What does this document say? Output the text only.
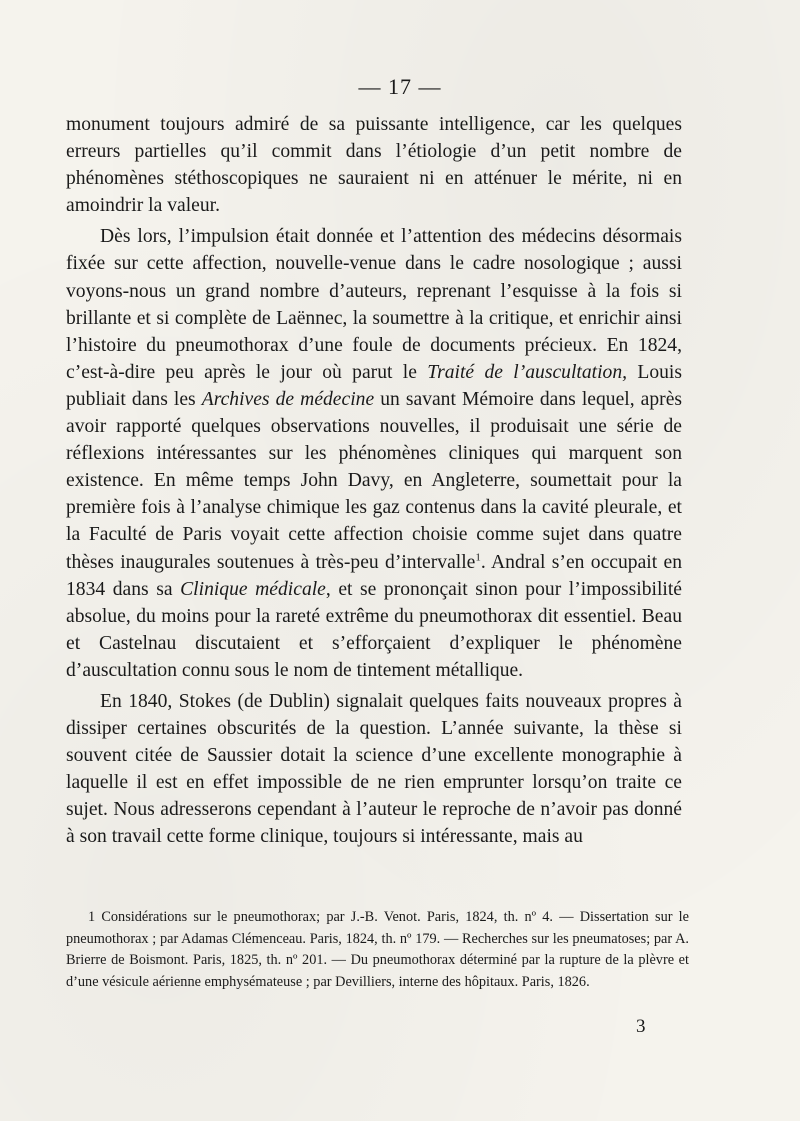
— 17 —

monument toujours admiré de sa puissante intelligence, car les quelques erreurs partielles qu’il commit dans l’étiologie d’un petit nombre de phénomènes stéthoscopiques ne sauraient ni en atténuer le mérite, ni en amoindrir la valeur.

Dès lors, l’impulsion était donnée et l’attention des médecins désormais fixée sur cette affection, nouvelle-venue dans le cadre nosologique ; aussi voyons-nous un grand nombre d’auteurs, reprenant l’esquisse à la fois si brillante et si complète de Laënnec, la soumettre à la critique, et enrichir ainsi l’histoire du pneumothorax d’une foule de documents précieux. En 1824, c’est-à-dire peu après le jour où parut le Traité de l’auscultation, Louis publiait dans les Archives de médecine un savant Mémoire dans lequel, après avoir rapporté quelques observations nouvelles, il produisait une série de réflexions intéressantes sur les phénomènes cliniques qui marquent son existence. En même temps John Davy, en Angleterre, soumettait pour la première fois à l’analyse chimique les gaz contenus dans la cavité pleurale, et la Faculté de Paris voyait cette affection choisie comme sujet dans quatre thèses inaugurales soutenues à très-peu d’intervalle$^1$. Andral s’en occupait en 1834 dans sa Clinique médicale, et se prononçait sinon pour l’impossibilité absolue, du moins pour la rareté extrême du pneumothorax dit essentiel. Beau et Castelnau discutaient et s’efforçaient d’expliquer le phénomène d’auscultation connu sous le nom de tintement métallique.

En 1840, Stokes (de Dublin) signalait quelques faits nouveaux propres à dissiper certaines obscurités de la question. L’année suivante, la thèse si souvent citée de Saussier dotait la science d’une excellente monographie à laquelle il est en effet impossible de ne rien emprunter lorsqu’on traite ce sujet. Nous adresserons cependant à l’auteur le reproche de n’avoir pas donné à son travail cette forme clinique, toujours si intéressante, mais au

1 Considérations sur le pneumothorax; par J.-B. Venot. Paris, 1824, th. nº 4. — Dissertation sur le pneumothorax ; par Adamas Clémenceau. Paris, 1824, th. nº 179. — Recherches sur les pneumatoses; par A. Brierre de Boismont. Paris, 1825, th. nº 201. — Du pneumothorax déterminé par la rupture de la plèvre et d’une vésicule aérienne emphysémateuse ; par Devilliers, interne des hôpitaux. Paris, 1826.

3
